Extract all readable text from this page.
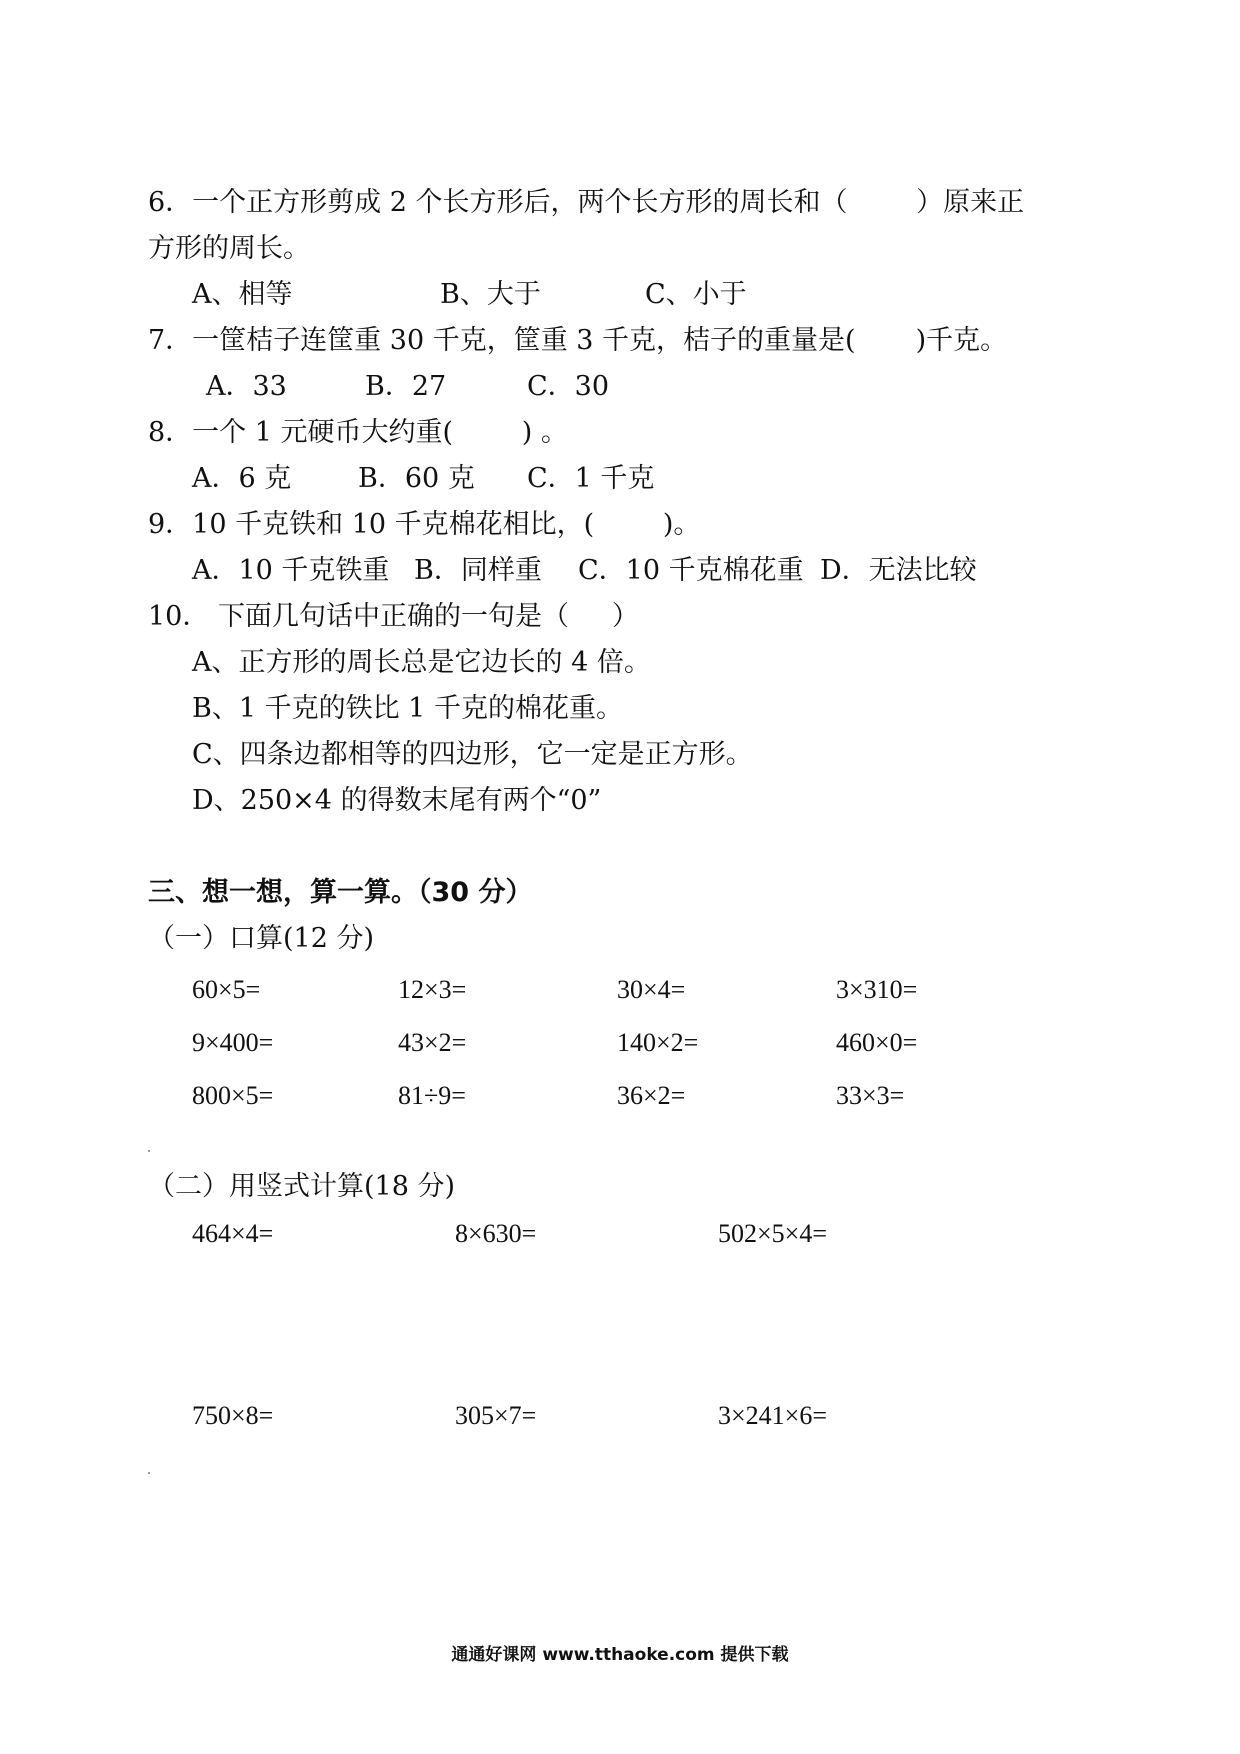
6．一个正方形剪成 2 个长方形后，两个长方形的周长和（        ）原来正
方形的周长。
A、相等	B、大于	C、小于
7．一筐桔子连筐重 30 千克，筐重 3 千克，桔子的重量是(       )千克。
A．33	B．27	C．30
8．一个 1 元硬币大约重(        ) 。
A．6 克 B．60 克 C．1 千克
9．10 千克铁和 10 千克棉花相比，(        )。
A．10 千克铁重 B．同样重 C．10 千克棉花重 D．无法比较
10． 下面几句话中正确的一句是（     ）
A、正方形的周长总是它边长的 4 倍。
B、1 千克的铁比 1 千克的棉花重。
C、四条边都相等的四边形，它一定是正方形。
D、250×4 的得数末尾有两个“0”
三、想一想，算一算。（30 分）
（一）口算(12 分)
60×5=	12×3=	30×4=	3×310=
9×400=	43×2=	140×2=	460×0=
800×5=	81÷9=	36×2=	33×3=
（二）用竖式计算(18 分)
464×4=	8×630=	502×5×4=
750×8=	305×7=	3×241×6=
通通好课网 www.tthaoke.com 提供下载
